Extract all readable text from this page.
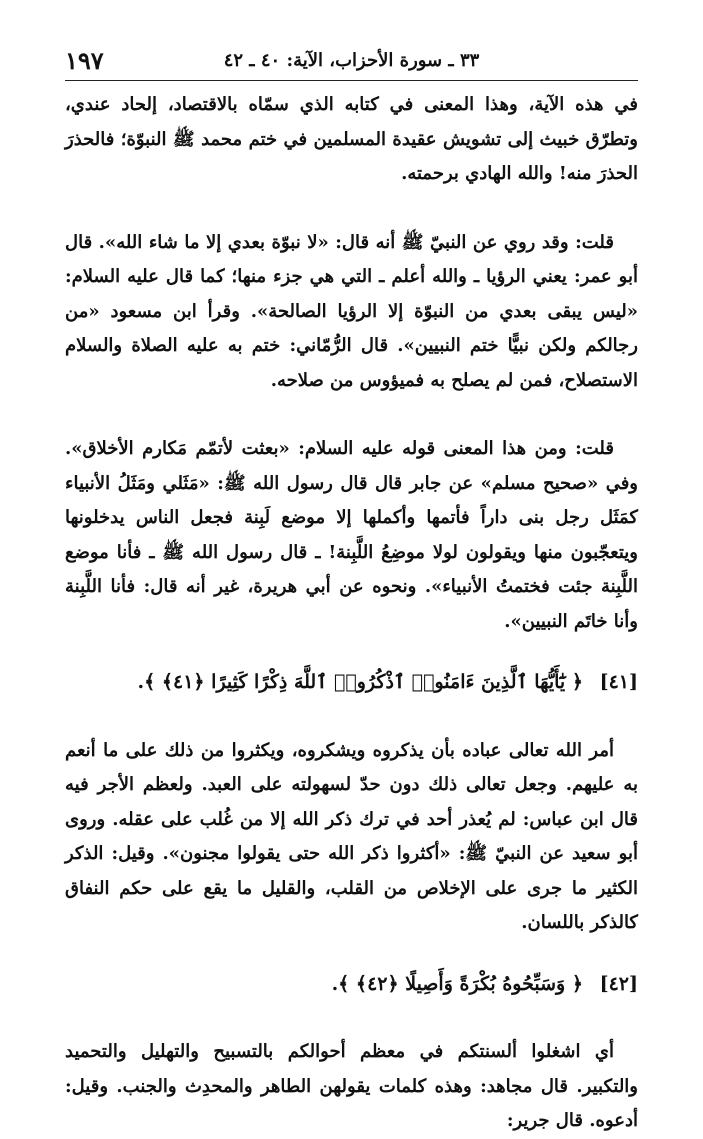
١٩٧	٣٣ ـ سورة الأحزاب، الآية: ٤٠ ـ ٤٢

في هذه الآية، وهذا المعنى في كتابه الذي سمّاه بالاقتصاد، إلحاد عندي، وتطرّق خبيث إلى تشويش عقيدة المسلمين في ختم محمد ﷺ النبوّة؛ فالحذرَ الحذرَ منه! والله الهادي برحمته.

قلت: وقد روي عن النبيّ ﷺ أنه قال: «لا نبوّة بعدي إلا ما شاء الله». قال أبو عمر: يعني الرؤيا ـ والله أعلم ـ التي هي جزء منها؛ كما قال عليه السلام: «ليس يبقى بعدي من النبوّة إلا الرؤيا الصالحة». وقرأ ابن مسعود «من رجالكم ولكن نبيًّا ختم النبيين». قال الرُّمّاني: ختم به عليه الصلاة والسلام الاستصلاح، فمن لم يصلح به فميؤوس من صلاحه.

قلت: ومن هذا المعنى قوله عليه السلام: «بعثت لأتمّم مَكارم الأخلاق». وفي «صحيح مسلم» عن جابر قال قال رسول الله ﷺ: «مَثَلي ومَثَلُ الأنبياء كمَثَل رجل بنى داراً فأتمها وأكملها إلا موضع لَبِنة فجعل الناس يدخلونها ويتعجّبون منها ويقولون لولا موضِعُ اللَّبِنة! ـ قال رسول الله ﷺ ـ فأنا موضع اللَّبِنة جئت فختمتُ الأنبياء». ونحوه عن أبي هريرة، غير أنه قال: فأنا اللَّبِنة وأنا خاتَم النبيين».

[٤١] ﴿ يَٰٓأَيُّهَا ٱلَّذِينَ ءَامَنُوا۟ ٱذْكُرُوا۟ ٱللَّهَ ذِكْرًا كَثِيرًا ﴿٤١﴾ ﴾.

أمر الله تعالى عباده بأن يذكروه ويشكروه، ويكثروا من ذلك على ما أنعم به عليهم. وجعل تعالى ذلك دون حدّ لسهولته على العبد. ولعظم الأجر فيه قال ابن عباس: لم يُعذر أحد في ترك ذكر الله إلا من غُلب على عقله. وروى أبو سعيد عن النبيّ ﷺ: «أكثروا ذكر الله حتى يقولوا مجنون». وقيل: الذكر الكثير ما جرى على الإخلاص من القلب، والقليل ما يقع على حكم النفاق كالذكر باللسان.

[٤٢] ﴿ وَسَبِّحُوهُ بُكْرَةً وَأَصِيلًا ﴿٤٢﴾ ﴾.

أي اشغلوا ألسنتكم في معظم أحوالكم بالتسبيح والتهليل والتحميد والتكبير. قال مجاهد: وهذه كلمات يقولهن الطاهر والمحدِث والجنب. وقيل: أدعوه. قال جرير:
